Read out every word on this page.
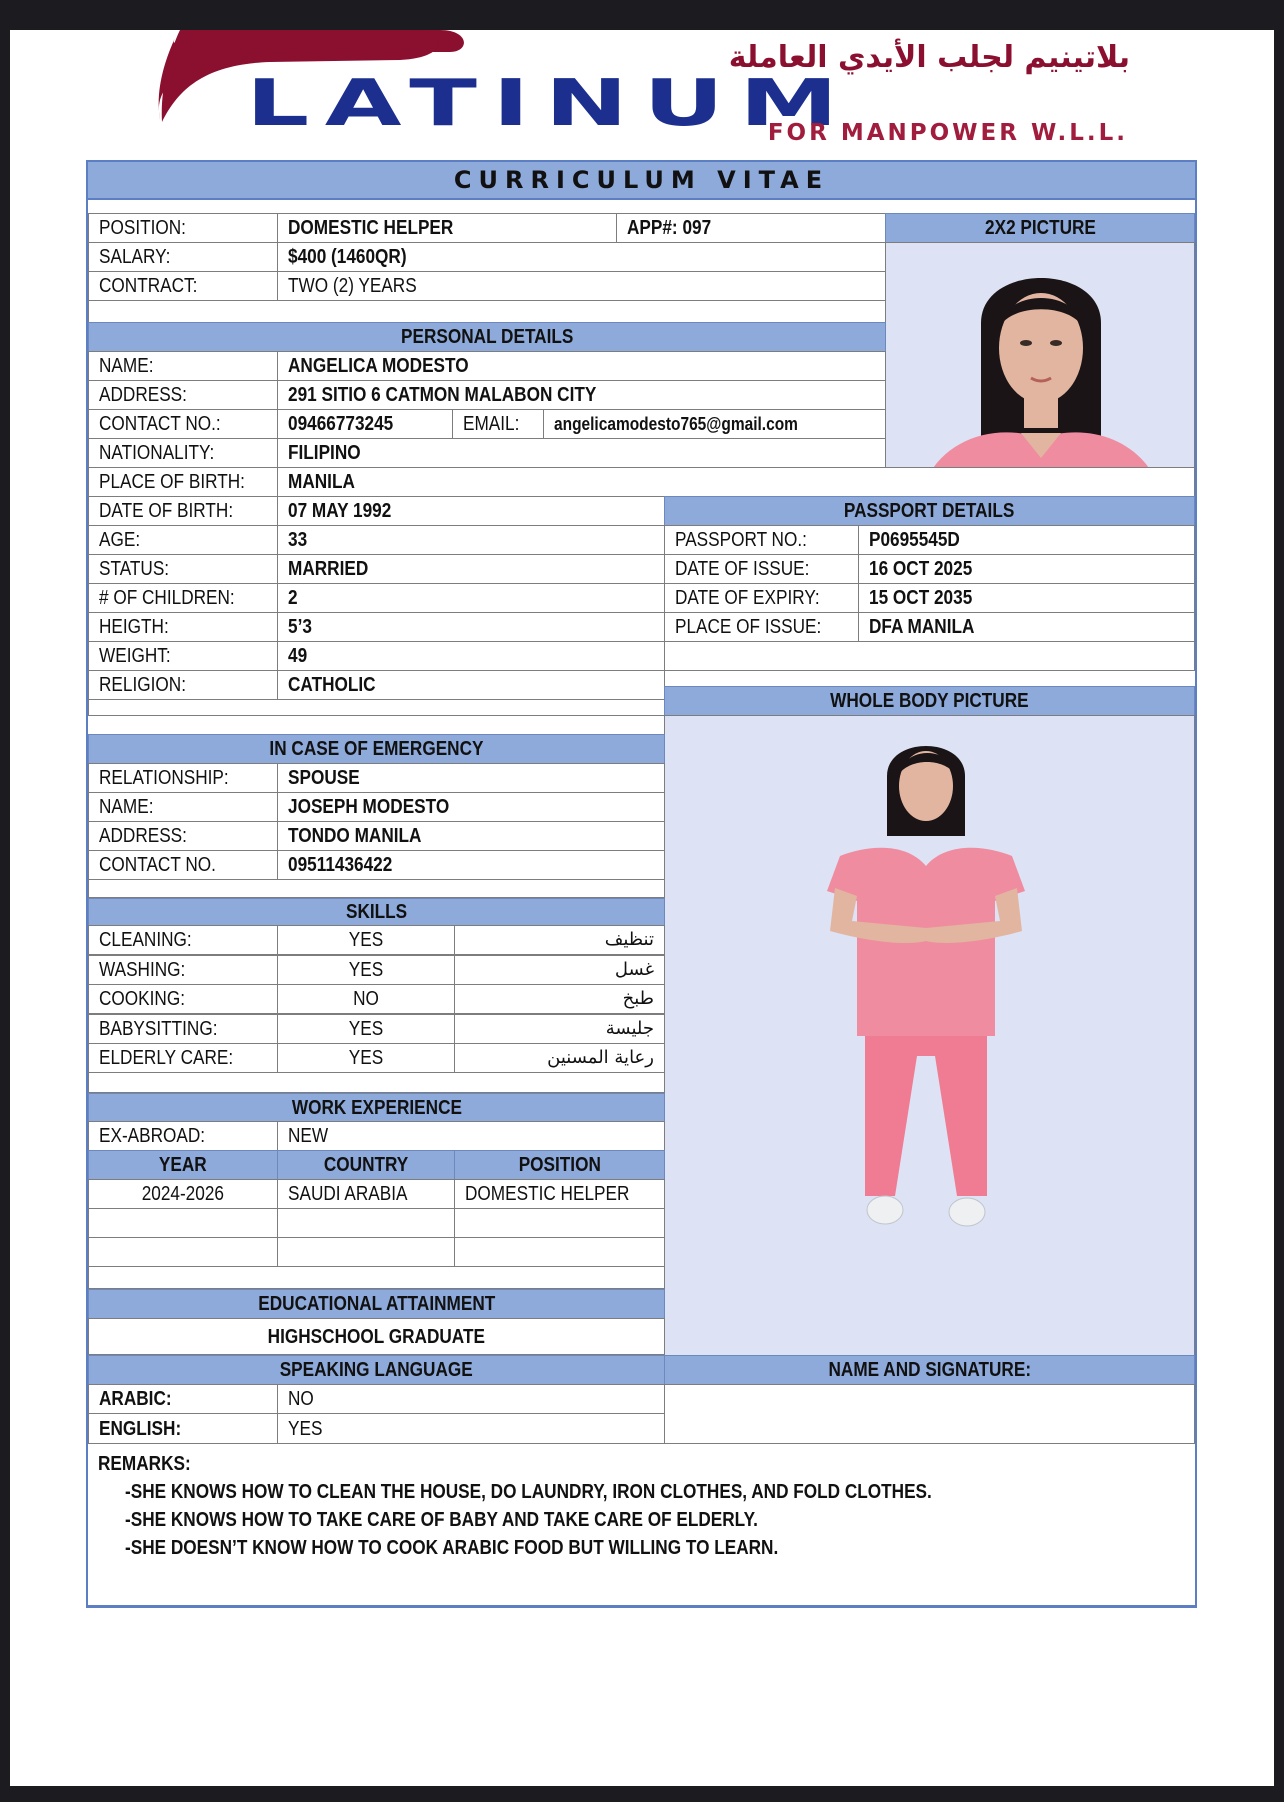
بلاتينيم لجلب الأيدي العاملة
LATINUM
FOR MANPOWER W.L.L.
CURRICULUM VITAE
POSITION:	DOMESTIC HELPER	APP#: 097
SALARY:	$400 (1460QR)
CONTRACT:	TWO (2) YEARS
2X2 PICTURE
PERSONAL DETAILS
NAME:	ANGELICA MODESTO
ADDRESS:	291 SITIO 6 CATMON MALABON CITY
CONTACT NO.:	09466773245	EMAIL: angelicamodesto765@gmail.com
NATIONALITY:	FILIPINO
PLACE OF BIRTH: MANILA
DATE OF BIRTH:	07 MAY 1992
AGE:	33
STATUS:	MARRIED
# OF CHILDREN:	2
HEIGTH:	5’3
WEIGHT:	49
RELIGION:	CATHOLIC
PASSPORT DETAILS
PASSPORT NO.:	P0695545D
DATE OF ISSUE:	16 OCT 2025
DATE OF EXPIRY: 15 OCT 2035
PLACE OF ISSUE: DFA MANILA
WHOLE BODY PICTURE
IN CASE OF EMERGENCY
RELATIONSHIP:	SPOUSE
NAME:	JOSEPH MODESTO
ADDRESS:	TONDO MANILA
CONTACT NO.	09511436422
SKILLS
CLEANING:	YES	تنظيف
WASHING:	YES	غسل
COOKING:	NO	طبخ
BABYSITTING:	YES	جليسة
ELDERLY CARE:	YES	رعاية المسنين
WORK EXPERIENCE
EX-ABROAD:	NEW
YEAR	COUNTRY	POSITION
2024-2026	SAUDI ARABIA	DOMESTIC HELPER
EDUCATIONAL ATTAINMENT
HIGHSCHOOL GRADUATE
SPEAKING LANGUAGE
ARABIC:	NO
ENGLISH:	YES
NAME AND SIGNATURE:
REMARKS:
-SHE KNOWS HOW TO CLEAN THE HOUSE, DO LAUNDRY, IRON CLOTHES, AND FOLD CLOTHES.
-SHE KNOWS HOW TO TAKE CARE OF BABY AND TAKE CARE OF ELDERLY.
-SHE DOESN’T KNOW HOW TO COOK ARABIC FOOD BUT WILLING TO LEARN.
